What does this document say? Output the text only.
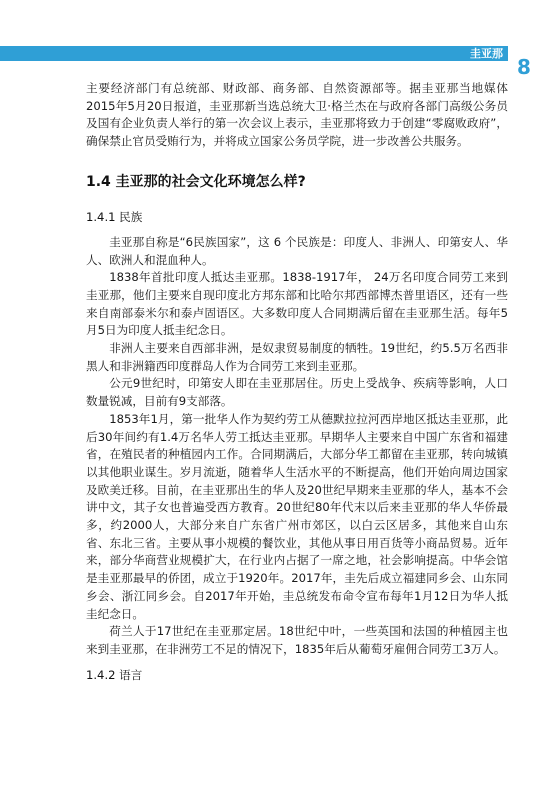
圭亚那
8

主要经济部门有总统部、财政部、商务部、自然资源部等。据圭亚那当地媒体2015年5月20日报道，圭亚那新当选总统大卫·格兰杰在与政府各部门高级公务员及国有企业负责人举行的第一次会议上表示，圭亚那将致力于创建“零腐败政府”，确保禁止官员受贿行为，并将成立国家公务员学院，进一步改善公共服务。

1.4 圭亚那的社会文化环境怎么样?
1.4.1 民族

圭亚那自称是“6民族国家”，这 6 个民族是：印度人、非洲人、印第安人、华人、欧洲人和混血种人。

1838年首批印度人抵达圭亚那。1838-1917年， 24万名印度合同劳工来到圭亚那，他们主要来自现印度北方邦东部和比哈尔邦西部博杰普里语区，还有一些来自南部泰米尔和泰卢固语区。大多数印度人合同期满后留在圭亚那生活。每年5月5日为印度人抵圭纪念日。

非洲人主要来自西部非洲，是奴隶贸易制度的牺牲。19世纪，约5.5万名西非黑人和非洲籍西印度群岛人作为合同劳工来到圭亚那。

公元9世纪时，印第安人即在圭亚那居住。历史上受战争、疾病等影响，人口数量锐减，目前有9支部落。

1853年1月，第一批华人作为契约劳工从德默拉拉河西岸地区抵达圭亚那，此后30年间约有1.4万名华人劳工抵达圭亚那。早期华人主要来自中国广东省和福建省，在殖民者的种植园内工作。合同期满后，大部分华工都留在圭亚那，转向城镇以其他职业谋生。岁月流逝，随着华人生活水平的不断提高，他们开始向周边国家及欧美迁移。目前，在圭亚那出生的华人及20世纪早期来圭亚那的华人，基本不会讲中文，其子女也普遍受西方教育。20世纪80年代末以后来圭亚那的华人华侨最多，约2000人，大部分来自广东省广州市郊区，以白云区居多，其他来自山东省、东北三省。主要从事小规模的餐饮业，其他从事日用百货等小商品贸易。近年来，部分华商营业规模扩大，在行业内占据了一席之地，社会影响提高。中华会馆是圭亚那最早的侨团，成立于1920年。2017年，圭先后成立福建同乡会、山东同乡会、浙江同乡会。自2017年开始，圭总统发布命令宣布每年1月12日为华人抵圭纪念日。

荷兰人于17世纪在圭亚那定居。18世纪中叶，一些英国和法国的种植园主也来到圭亚那，在非洲劳工不足的情况下，1835年后从葡萄牙雇佣合同劳工3万人。

1.4.2 语言
